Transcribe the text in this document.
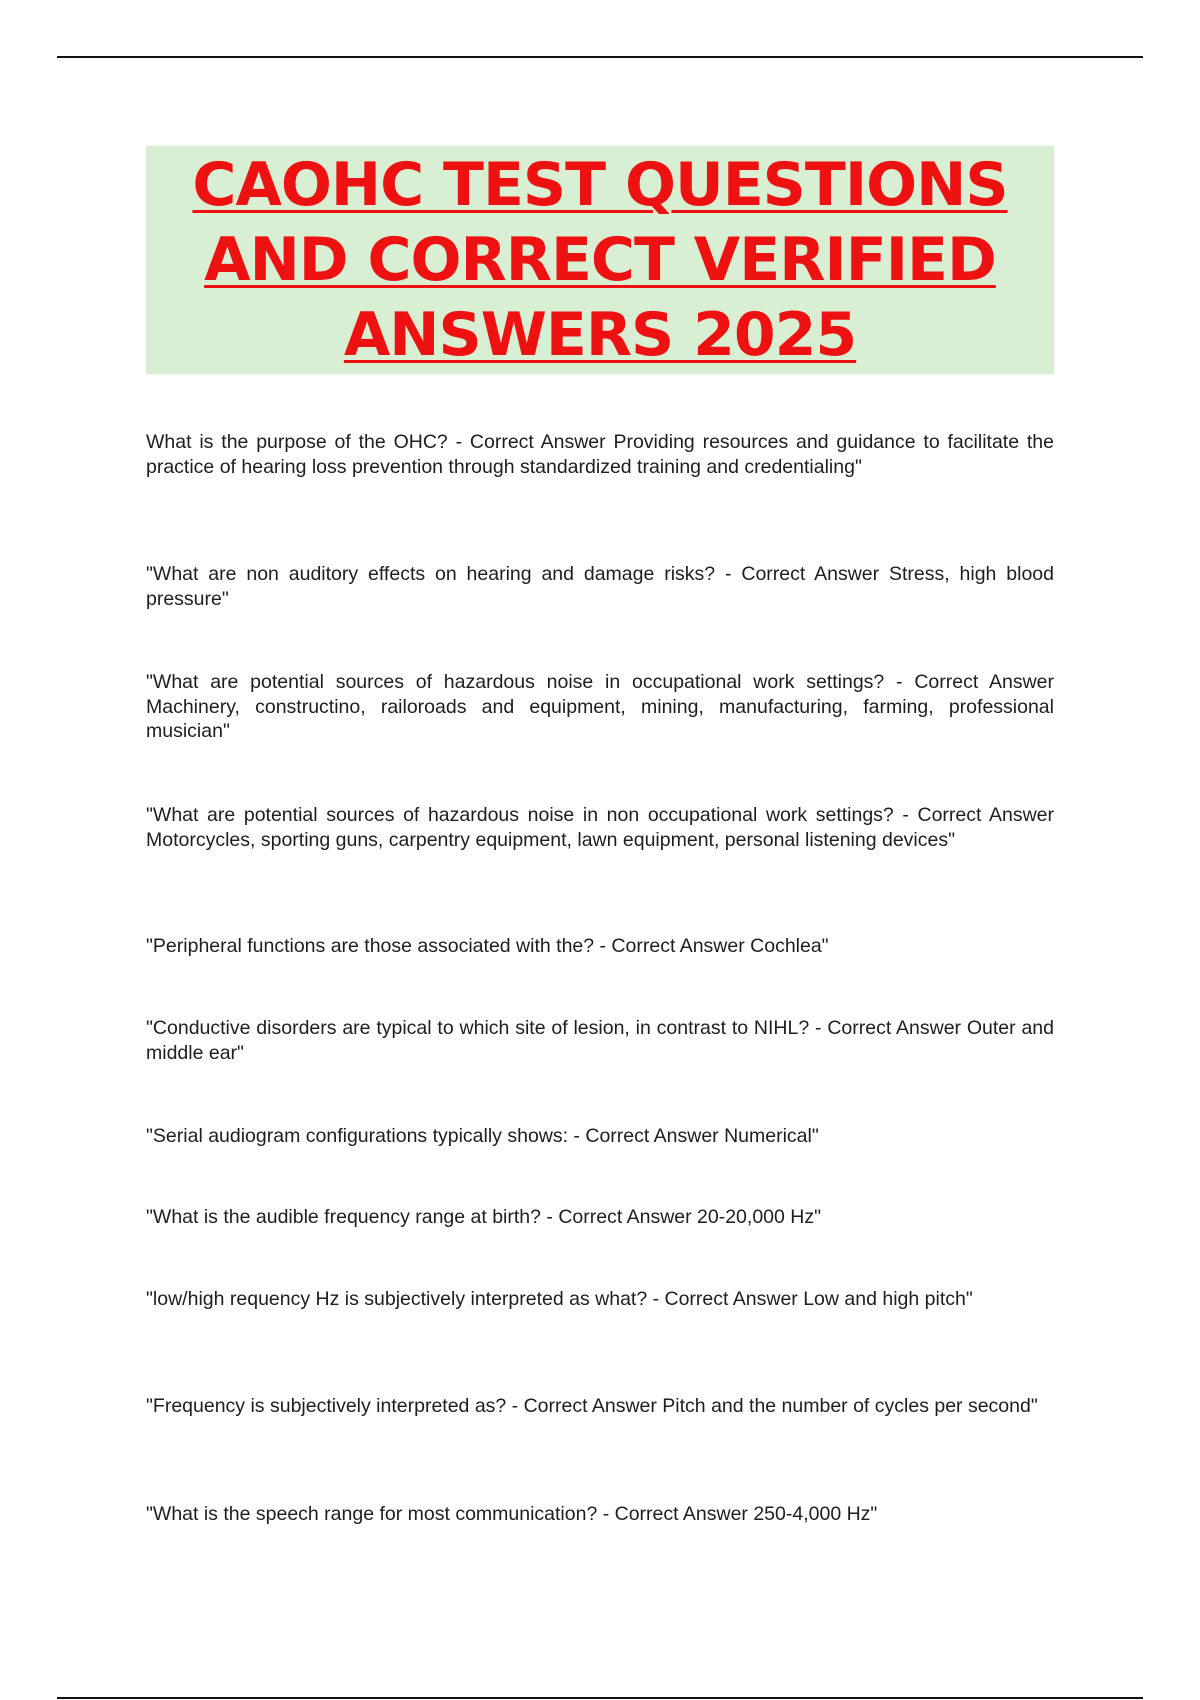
CAOHC TEST QUESTIONS
AND CORRECT VERIFIED
ANSWERS 2025

What is the purpose of the OHC? - Correct Answer Providing resources and guidance to facilitate the practice of hearing loss prevention through standardized training and credentialing"

"What are non auditory effects on hearing and damage risks? - Correct Answer Stress, high blood pressure"

"What are potential sources of hazardous noise in occupational work settings? - Correct Answer Machinery, constructino, railoroads and equipment, mining, manufacturing, farming, professional musician"

"What are potential sources of hazardous noise in non occupational work settings? - Correct Answer Motorcycles, sporting guns, carpentry equipment, lawn equipment, personal listening devices"

"Peripheral functions are those associated with the? - Correct Answer Cochlea"

"Conductive disorders are typical to which site of lesion, in contrast to NIHL? - Correct Answer Outer and middle ear"

"Serial audiogram configurations typically shows: - Correct Answer Numerical"

"What is the audible frequency range at birth? - Correct Answer 20-20,000 Hz"

"low/high requency Hz is subjectively interpreted as what? - Correct Answer Low and high pitch"

"Frequency is subjectively interpreted as? - Correct Answer Pitch and the number of cycles per second"

"What is the speech range for most communication? - Correct Answer 250-4,000 Hz"
